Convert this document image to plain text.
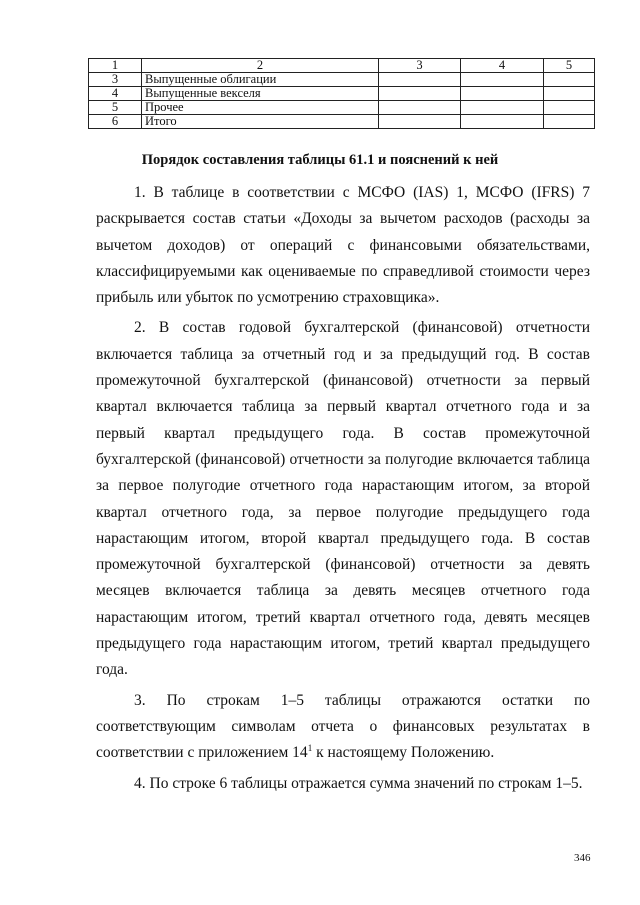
1	2	3	4	5
3	Выпущенные облигации			
4	Выпущенные векселя			
5	Прочее			
6	Итого			
Порядок составления таблицы 61.1 и пояснений к ней

1. В таблице в соответствии с МСФО (IAS) 1, МСФО (IFRS) 7 раскрывается состав статьи «Доходы за вычетом расходов (расходы за вычетом доходов) от операций с финансовыми обязательствами, классифицируемыми как оцениваемые по справедливой стоимости через прибыль или убыток по усмотрению страховщика».

2. В состав годовой бухгалтерской (финансовой) отчетности включается таблица за отчетный год и за предыдущий год. В состав промежуточной бухгалтерской (финансовой) отчетности за первый квартал включается таблица за первый квартал отчетного года и за первый квартал предыдущего года. В состав промежуточной бухгалтерской (финансовой) отчетности за полугодие включается таблица за первое полугодие отчетного года нарастающим итогом, за второй квартал отчетного года, за первое полугодие предыдущего года нарастающим итогом, второй квартал предыдущего года. В состав промежуточной бухгалтерской (финансовой) отчетности за девять месяцев включается таблица за девять месяцев отчетного года нарастающим итогом, третий квартал отчетного года, девять месяцев предыдущего года нарастающим итогом, третий квартал предыдущего года.

3. По строкам 1–5 таблицы отражаются остатки по соответствующим символам отчета о финансовых результатах в соответствии с приложением $14^1$ к настоящему Положению.

4. По строке 6 таблицы отражается сумма значений по строкам 1–5.

346
